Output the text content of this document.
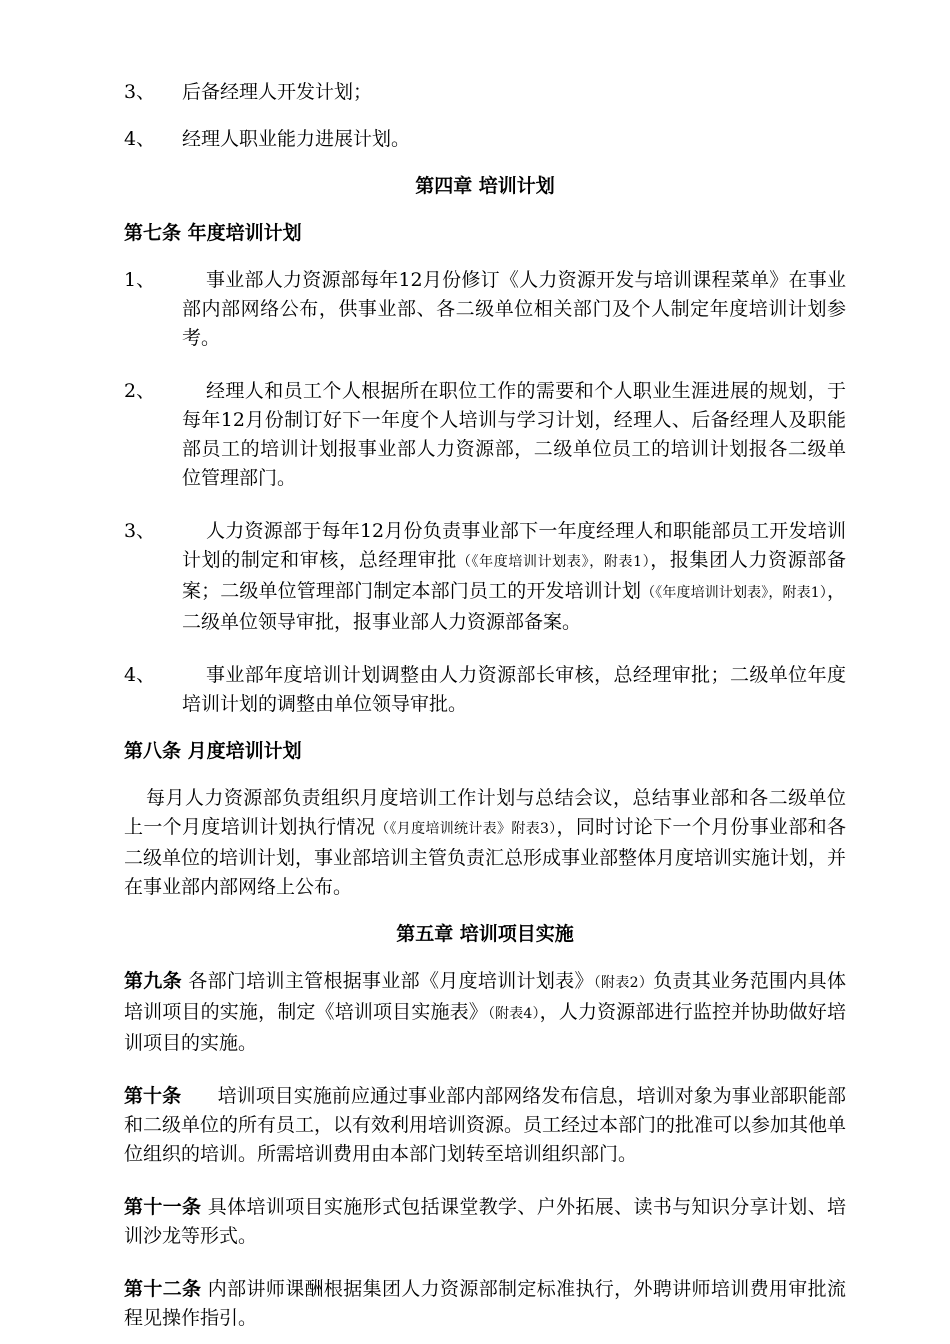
3、	后备经理人开发计划；
4、	经理人职业能力进展计划。

第四章 培训计划

第七条 年度培训计划

1、	事业部人力资源部每年12月份修订《人力资源开发与培训课程菜单》在事业部内部网络公布，供事业部、各二级单位相关部门及个人制定年度培训计划参考。
2、	经理人和员工个人根据所在职位工作的需要和个人职业生涯进展的规划，于每年12月份制订好下一年度个人培训与学习计划，经理人、后备经理人及职能部员工的培训计划报事业部人力资源部，二级单位员工的培训计划报各二级单位管理部门。
3、	人力资源部于每年12月份负责事业部下一年度经理人和职能部员工开发培训计划的制定和审核，总经理审批（《年度培训计划表》，附表1），报集团人力资源部备案；二级单位管理部门制定本部门员工的开发培训计划（《年度培训计划表》，附表1），二级单位领导审批，报事业部人力资源部备案。
4、	事业部年度培训计划调整由人力资源部长审核，总经理审批；二级单位年度培训计划的调整由单位领导审批。

第八条 月度培训计划

每月人力资源部负责组织月度培训工作计划与总结会议，总结事业部和各二级单位上一个月度培训计划执行情况（《月度培训统计表》附表3），同时讨论下一个月份事业部和各二级单位的培训计划，事业部培训主管负责汇总形成事业部整体月度培训实施计划，并在事业部内部网络上公布。

第五章 培训项目实施

第九条 各部门培训主管根据事业部《月度培训计划表》（附表2）负责其业务范围内具体培训项目的实施，制定《培训项目实施表》（附表4），人力资源部进行监控并协助做好培训项目的实施。

第十条      培训项目实施前应通过事业部内部网络发布信息，培训对象为事业部职能部和二级单位的所有员工，以有效利用培训资源。员工经过本部门的批准可以参加其他单位组织的培训。所需培训费用由本部门划转至培训组织部门。

第十一条 具体培训项目实施形式包括课堂教学、户外拓展、读书与知识分享计划、培训沙龙等形式。

第十二条 内部讲师课酬根据集团人力资源部制定标准执行，外聘讲师培训费用审批流程见操作指引。
